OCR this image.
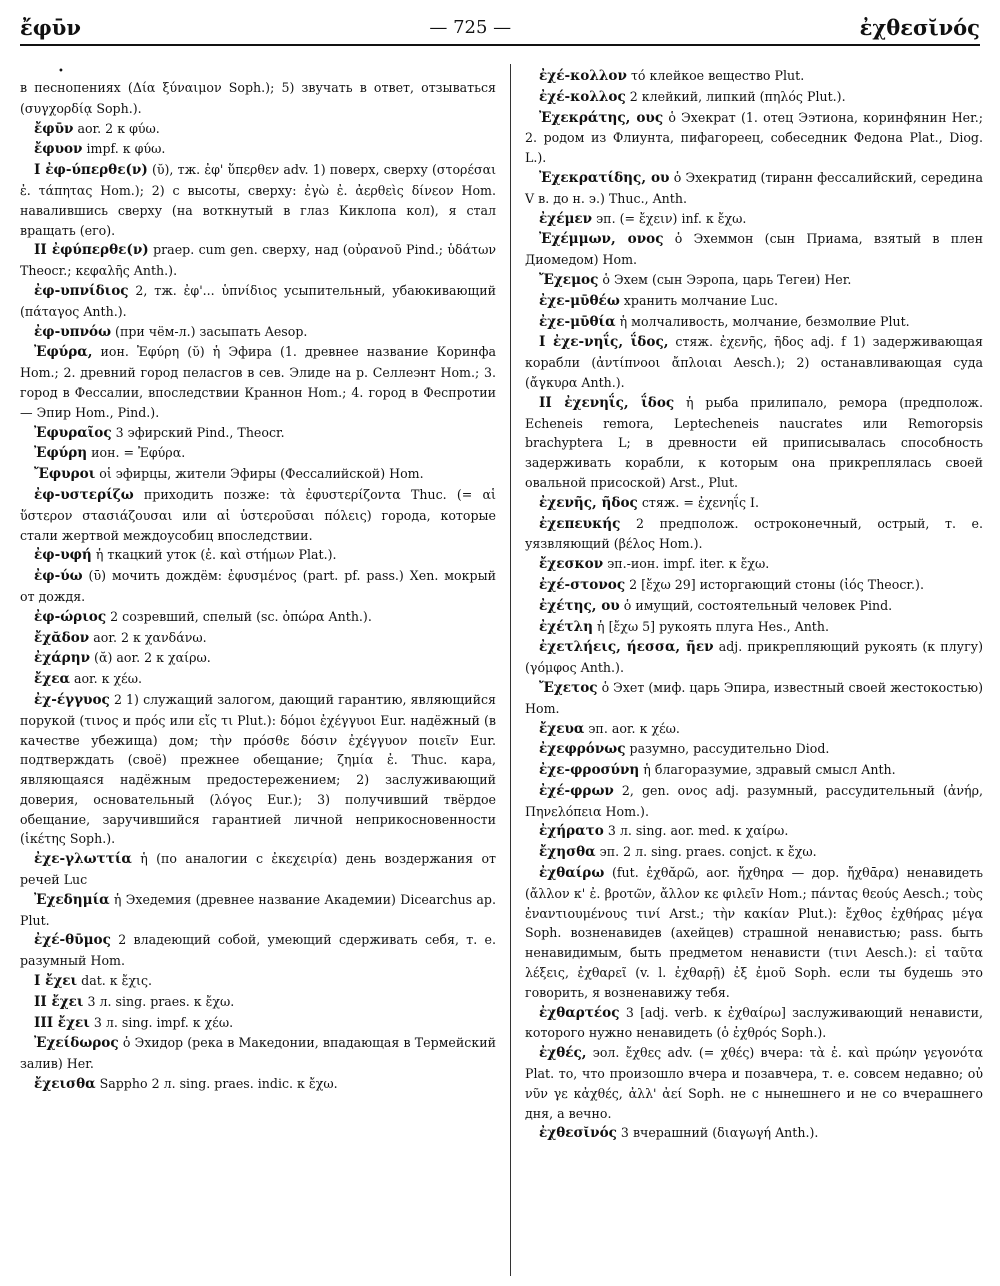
ἔφῡν	— 725 —	ἐχθεσῐνός

•

в песнопениях (Δία ξύναιμον Soph.); 5) звучать в ответ, отзываться (συγχορδίᾳ Soph.).

ἔφῡν aor. 2 к φύω.

ἔφυον impf. к φύω.

I ἐφ-ύπερθε(ν) (ῠ), тж. ἐφ' ὕπερθεν adv. 1) поверх, сверху (στορέσαι ἐ. τάπητας Hom.); 2) с высоты, сверху: ἐγὼ ἐ. ἀερθεὶς δίνεον Hom. навалившись сверху (на воткнутый в глаз Киклопа кол), я стал вращать (его).

II ἐφύπερθε(ν) praep. cum gen. сверху, над (οὐρανοῦ Pind.; ὑδάτων Theocr.; κεφαλῆς Anth.).

ἐφ-υπνίδιος 2, тж. ἐφ'... ὑπνίδιος усыпительный, убаюкивающий (πάταγος Anth.).

ἐφ-υπνόω (при чём-л.) засыпать Aesop.

Ἐφύρα, ион. Ἐφύρη (ῠ) ἡ Эфира (1. древнее название Коринфа Hom.; 2. древний город пеласгов в сев. Элиде на р. Селлеэнт Hom.; 3. город в Фессалии, впоследствии Краннон Hom.; 4. город в Феспротии — Эпир Hom., Pind.).

Ἐφυραῖος 3 эфирский Pind., Theocr.

Ἐφύρη ион. = Ἐφύρα.

Ἔφυροι οἱ эфирцы, жители Эфиры (Фессалийской) Hom.

ἐφ-υστερίζω приходить позже: τὰ ἐφυστερίζοντα Thuc. (= αἱ ὕστερον στασιάζουσαι или αἱ ὑστεροῦσαι πόλεις) города, которые стали жертвой междоусобиц впоследствии.

ἐφ-υφή ἡ ткацкий уток (ἐ. καὶ στήμων Plat.).

ἐφ-ύω (ῡ) мочить дождём: ἐφυσμένος (part. pf. pass.) Xen. мокрый от дождя.

ἐφ-ώριος 2 созревший, спелый (sc. ὀπώρα Anth.).

ἔχᾰδον aor. 2 к χανδάνω.

ἐχάρην (ᾰ) aor. 2 к χαίρω.

ἔχεα aor. к χέω.

ἐχ-έγγυος 2 1) служащий залогом, дающий гарантию, являющийся порукой (τινος и πρός или εἴς τι Plut.): δόμοι ἐχέγγυοι Eur. надёжный (в качестве убежища) дом; τὴν πρόσθε δόσιν ἐχέγγυον ποιεῖν Eur. подтверждать (своё) прежнее обещание; ζημία ἐ. Thuc. кара, являющаяся надёжным предостережением; 2) заслуживающий доверия, основательный (λόγος Eur.); 3) получивший твёрдое обещание, заручившийся гарантией личной неприкосновенности (ἱκέτης Soph.).

ἐχε-γλωττία ἡ (по аналогии с ἐκεχειρία) день воздержания от речей Luc

Ἐχεδημία ἡ Эхедемия (древнее название Академии) Dicearchus ap. Plut.

ἐχέ-θῡμος 2 владеющий собой, умеющий сдерживать себя, т. е. разумный Hom.

I ἔχει dat. к ἔχις.

II ἔχει 3 л. sing. praes. к ἔχω.

III ἔχει 3 л. sing. impf. к χέω.

Ἐχείδωρος ὁ Эхидор (река в Македонии, впадающая в Термейский залив) Her.

ἔχεισθα Sappho 2 л. sing. praes. indic. к ἔχω.

ἐχέ-κολλον τό клейкое вещество Plut.

ἐχέ-κολλος 2 клейкий, липкий (πηλός Plut.).

Ἐχεκράτης, ους ὁ Эхекрат (1. отец Ээтиона, коринфянин Her.; 2. родом из Флиунта, пифагореец, собеседник Федона Plat., Diog. L.).

Ἐχεκρατίδης, ου ὁ Эхекратид (тиранн фессалийский, середина V в. до н. э.) Thuc., Anth.

ἐχέμεν эп. (= ἔχειν) inf. к ἔχω.

Ἐχέμμων, ονος ὁ Эхеммон (сын Приама, взятый в плен Диомедом) Hom.

Ἔχεμος ὁ Эхем (сын Ээропа, царь Тегеи) Her.

ἐχε-μῡθέω хранить молчание Luc.

ἐχε-μῡθία ἡ молчаливость, молчание, безмолвие Plut.

I ἐχε-νηΐς, ΐδος, стяж. ἐχενῆς, ῆδος adj. f 1) задерживающая корабли (ἀντίπνοοι ἄπλοιαι Aesch.); 2) останавливающая суда (ἄγκυρα Anth.).

II ἐχενηΐς, ΐδος ἡ рыба прилипало, ремора (предполож. Echeneis remora, Leptecheneis naucrates или Remoropsis brachyptera L; в древности ей приписывалась способность задерживать корабли, к которым она прикреплялась своей овальной присоской) Arst., Plut.

ἐχενῆς, ῆδος стяж. = ἐχενηΐς I.

ἐχεπευκής 2 предполож. остроконечный, острый, т. е. уязвляющий (βέλος Hom.).

ἔχεσκον эп.-ион. impf. iter. к ἔχω.

ἐχέ-στονος 2 [ἔχω 29] исторгающий стоны (ἰός Theocr.).

ἐχέτης, ου ὁ имущий, состоятельный человек Pind.

ἐχέτλη ἡ [ἔχω 5] рукоять плуга Hes., Anth.

ἐχετλήεις, ήεσσα, ῆεν adj. прикрепляющий рукоять (к плугу) (γόμφος Anth.).

Ἔχετος ὁ Эхет (миф. царь Эпира, известный своей жестокостью) Hom.

ἔχευα эп. aor. к χέω.

ἐχεφρόνως разумно, рассудительно Diod.

ἐχε-φροσύνη ἡ благоразумие, здравый смысл Anth.

ἐχέ-φρων 2, gen. ονος adj. разумный, рассудительный (ἀνήρ, Πηνελόπεια Hom.).

ἐχήρατο 3 л. sing. aor. med. к χαίρω.

ἔχησθα эп. 2 л. sing. praes. conjct. к ἔχω.

ἐχθαίρω (fut. ἐχθᾰρῶ, aor. ἤχθηρα — дор. ἤχθᾱρα) ненавидеть (ἄλλον κ' ἐ. βροτῶν, ἄλλον κε φιλεῖν Hom.; πάντας θεούς Aesch.; τοὺς ἐναντιουμένους τινί Arst.; τὴν κακίαν Plut.): ἔχθος ἐχθήρας μέγα Soph. возненавидев (ахейцев) страшной ненавистью; pass. быть ненавидимым, быть предметом ненависти (τινι Aesch.): εἰ ταῦτα λέξεις, ἐχθαρεῖ (v. l. ἐχθαρῇ) ἐξ ἐμοῦ Soph. если ты будешь это говорить, я возненавижу тебя.

ἐχθαρτέος 3 [adj. verb. к ἐχθαίρω] заслуживающий ненависти, которого нужно ненавидеть (ὁ ἐχθρός Soph.).

ἐχθές, эол. ἔχθες adv. (= χθές) вчера: τὰ ἐ. καὶ πρώην γεγονότα Plat. то, что произошло вчера и позавчера, т. е. совсем недавно; οὐ νῦν γε κἀχθές, ἀλλ' ἀεί Soph. не с нынешнего и не со вчерашнего дня, а вечно.

ἐχθεσῐνός 3 вчерашний (διαγωγή Anth.).
